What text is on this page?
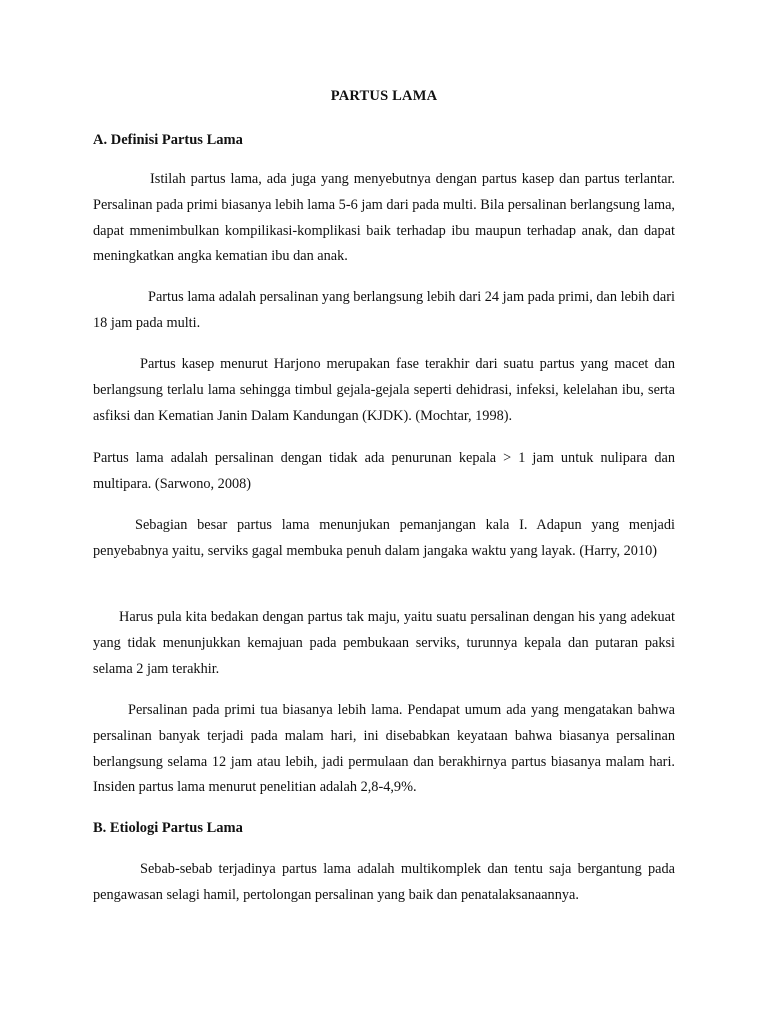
PARTUS LAMA
A. Definisi Partus Lama

Istilah partus lama, ada juga yang menyebutnya dengan partus kasep dan partus terlantar. Persalinan pada primi biasanya lebih lama 5-6 jam dari pada multi. Bila persalinan berlangsung lama, dapat mmenimbulkan kompilikasi-komplikasi baik terhadap ibu maupun terhadap anak, dan dapat meningkatkan angka kematian ibu dan anak.

Partus lama adalah persalinan yang berlangsung lebih dari 24 jam pada primi, dan lebih dari 18 jam pada multi.

Partus kasep menurut Harjono merupakan fase terakhir dari suatu partus yang macet dan berlangsung terlalu lama sehingga timbul gejala-gejala seperti dehidrasi, infeksi, kelelahan ibu, serta asfiksi dan Kematian Janin Dalam Kandungan (KJDK). (Mochtar, 1998).

Partus lama adalah persalinan dengan tidak ada penurunan kepala > 1 jam untuk nulipara dan multipara. (Sarwono, 2008)

Sebagian besar partus lama menunjukan pemanjangan kala I. Adapun yang menjadi penyebabnya yaitu, serviks gagal membuka penuh dalam jangaka waktu yang layak. (Harry, 2010)

Harus pula kita bedakan dengan partus tak maju, yaitu suatu persalinan dengan his yang adekuat yang tidak menunjukkan kemajuan pada pembukaan serviks, turunnya kepala dan putaran paksi selama 2 jam terakhir.

Persalinan pada primi tua biasanya lebih lama. Pendapat umum ada yang mengatakan bahwa persalinan banyak terjadi pada malam hari, ini disebabkan keyataan bahwa biasanya persalinan berlangsung selama 12 jam atau lebih, jadi permulaan dan berakhirnya partus biasanya malam hari. Insiden partus lama menurut penelitian adalah 2,8-4,9%.

B. Etiologi Partus Lama

Sebab-sebab terjadinya partus lama adalah multikomplek dan tentu saja bergantung pada pengawasan selagi hamil, pertolongan persalinan yang baik dan penatalaksanaannya.
